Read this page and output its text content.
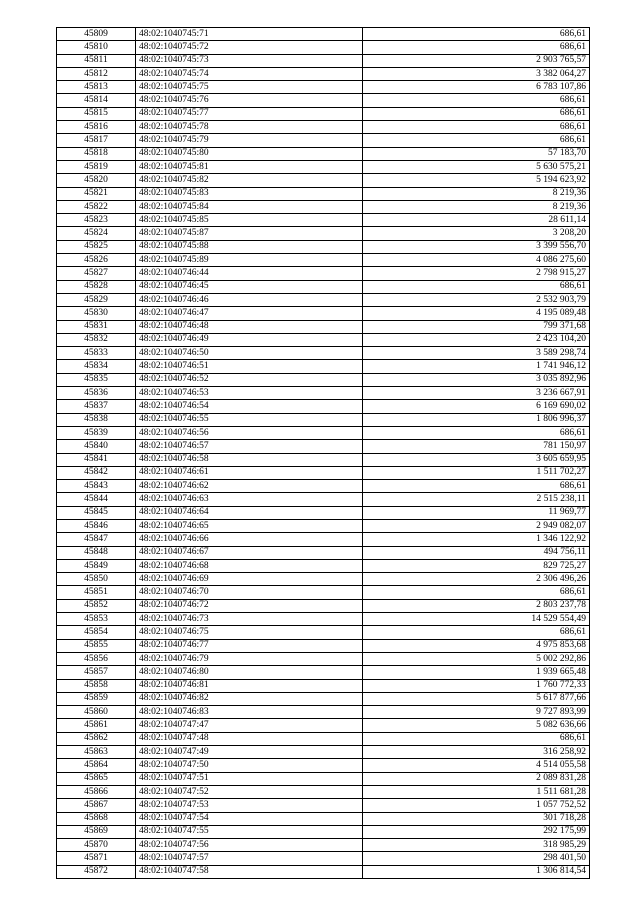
45809	48:02:1040745:71	686,61
45810	48:02:1040745:72	686,61
45811	48:02:1040745:73	2 903 765,57
45812	48:02:1040745:74	3 382 064,27
45813	48:02:1040745:75	6 783 107,86
45814	48:02:1040745:76	686,61
45815	48:02:1040745:77	686,61
45816	48:02:1040745:78	686,61
45817	48:02:1040745:79	686,61
45818	48:02:1040745:80	57 183,70
45819	48:02:1040745:81	5 630 575,21
45820	48:02:1040745:82	5 194 623,92
45821	48:02:1040745:83	8 219,36
45822	48:02:1040745:84	8 219,36
45823	48:02:1040745:85	28 611,14
45824	48:02:1040745:87	3 208,20
45825	48:02:1040745:88	3 399 556,70
45826	48:02:1040745:89	4 086 275,60
45827	48:02:1040746:44	2 798 915,27
45828	48:02:1040746:45	686,61
45829	48:02:1040746:46	2 532 903,79
45830	48:02:1040746:47	4 195 089,48
45831	48:02:1040746:48	799 371,68
45832	48:02:1040746:49	2 423 104,20
45833	48:02:1040746:50	3 589 298,74
45834	48:02:1040746:51	1 741 946,12
45835	48:02:1040746:52	3 035 892,96
45836	48:02:1040746:53	3 236 667,91
45837	48:02:1040746:54	6 169 690,02
45838	48:02:1040746:55	1 806 996,37
45839	48:02:1040746:56	686,61
45840	48:02:1040746:57	781 150,97
45841	48:02:1040746:58	3 605 659,95
45842	48:02:1040746:61	1 511 702,27
45843	48:02:1040746:62	686,61
45844	48:02:1040746:63	2 515 238,11
45845	48:02:1040746:64	11 969,77
45846	48:02:1040746:65	2 949 082,07
45847	48:02:1040746:66	1 346 122,92
45848	48:02:1040746:67	494 756,11
45849	48:02:1040746:68	829 725,27
45850	48:02:1040746:69	2 306 496,26
45851	48:02:1040746:70	686,61
45852	48:02:1040746:72	2 803 237,78
45853	48:02:1040746:73	14 529 554,49
45854	48:02:1040746:75	686,61
45855	48:02:1040746:77	4 975 853,68
45856	48:02:1040746:79	5 002 292,86
45857	48:02:1040746:80	1 939 665,48
45858	48:02:1040746:81	1 760 772,33
45859	48:02:1040746:82	5 617 877,66
45860	48:02:1040746:83	9 727 893,99
45861	48:02:1040747:47	5 082 636,66
45862	48:02:1040747:48	686,61
45863	48:02:1040747:49	316 258,92
45864	48:02:1040747:50	4 514 055,58
45865	48:02:1040747:51	2 089 831,28
45866	48:02:1040747:52	1 511 681,28
45867	48:02:1040747:53	1 057 752,52
45868	48:02:1040747:54	301 718,28
45869	48:02:1040747:55	292 175,99
45870	48:02:1040747:56	318 985,29
45871	48:02:1040747:57	298 401,50
45872	48:02:1040747:58	1 306 814,54
